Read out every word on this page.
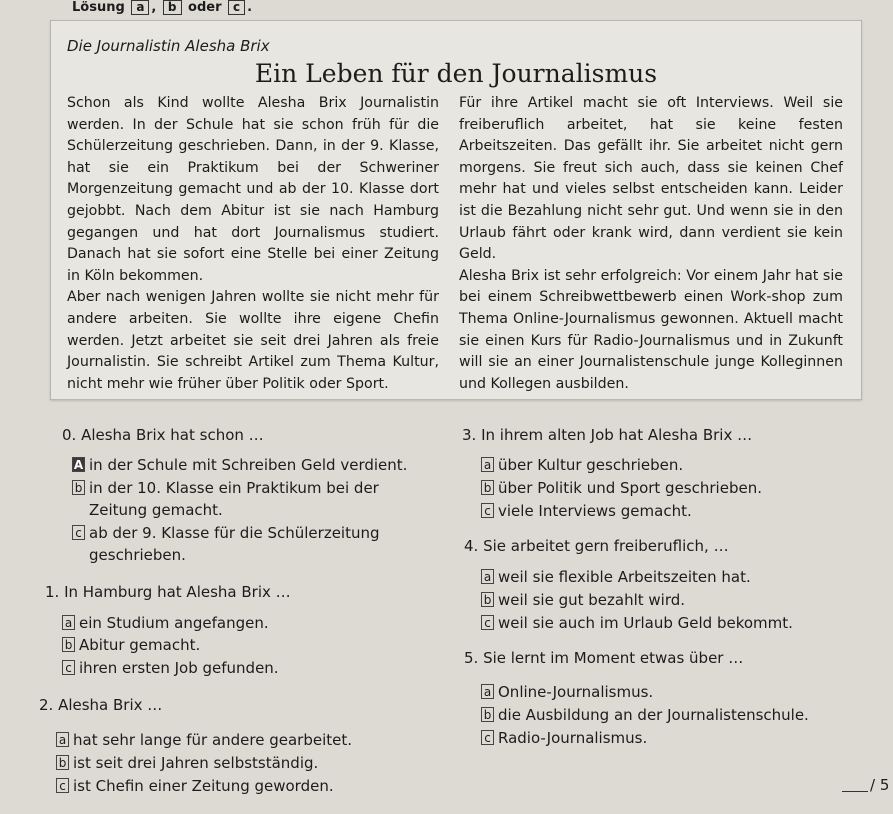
Lösung a , b oder c .
Die Journalistin Alesha Brix
Ein Leben für den Journalismus

Schon als Kind wollte Alesha Brix Journalistin werden. In der Schule hat sie schon früh für die Schülerzeitung geschrieben. Dann, in der 9. Klasse, hat sie ein Praktikum bei der Schweriner Morgenzeitung gemacht und ab der 10. Klasse dort gejobbt. Nach dem Abitur ist sie nach Hamburg gegangen und hat dort Journalismus studiert. Danach hat sie sofort eine Stelle bei einer Zeitung in Köln bekommen.

Aber nach wenigen Jahren wollte sie nicht mehr für andere arbeiten. Sie wollte ihre eigene Chefin werden. Jetzt arbeitet sie seit drei Jahren als freie Journalistin. Sie schreibt Artikel zum Thema Kultur, nicht mehr wie früher über Politik oder Sport.

Für ihre Artikel macht sie oft Interviews. Weil sie freiberuflich arbeitet, hat sie keine festen Arbeitszeiten. Das gefällt ihr. Sie arbeitet nicht gern morgens. Sie freut sich auch, dass sie keinen Chef mehr hat und vieles selbst entscheiden kann. Leider ist die Bezahlung nicht sehr gut. Und wenn sie in den Urlaub fährt oder krank wird, dann verdient sie kein Geld.

Alesha Brix ist sehr erfolgreich: Vor einem Jahr hat sie bei einem Schreibwettbewerb einen Work-shop zum Thema Online-Journalismus gewonnen. Aktuell macht sie einen Kurs für Radio-Journalismus und in Zukunft will sie an einer Journalistenschule junge Kolleginnen und Kollegen ausbilden.

0. Alesha Brix hat schon …
A in der Schule mit Schreiben Geld verdient.
b in der 10. Klasse ein Praktikum bei der
Zeitung gemacht.
c ab der 9. Klasse für die Schülerzeitung
geschrieben.
1. In Hamburg hat Alesha Brix …
a ein Studium angefangen.
b Abitur gemacht.
c ihren ersten Job gefunden.
2. Alesha Brix …
a hat sehr lange für andere gearbeitet.
b ist seit drei Jahren selbstständig.
c ist Chefin einer Zeitung geworden.
3. In ihrem alten Job hat Alesha Brix …
a über Kultur geschrieben.
b über Politik und Sport geschrieben.
c viele Interviews gemacht.
4. Sie arbeitet gern freiberuflich, …
a weil sie flexible Arbeitszeiten hat.
b weil sie gut bezahlt wird.
c weil sie auch im Urlaub Geld bekommt.
5. Sie lernt im Moment etwas über …
a Online-Journalismus.
b die Ausbildung an der Journalistenschule.
c Radio-Journalismus.
/ 5
